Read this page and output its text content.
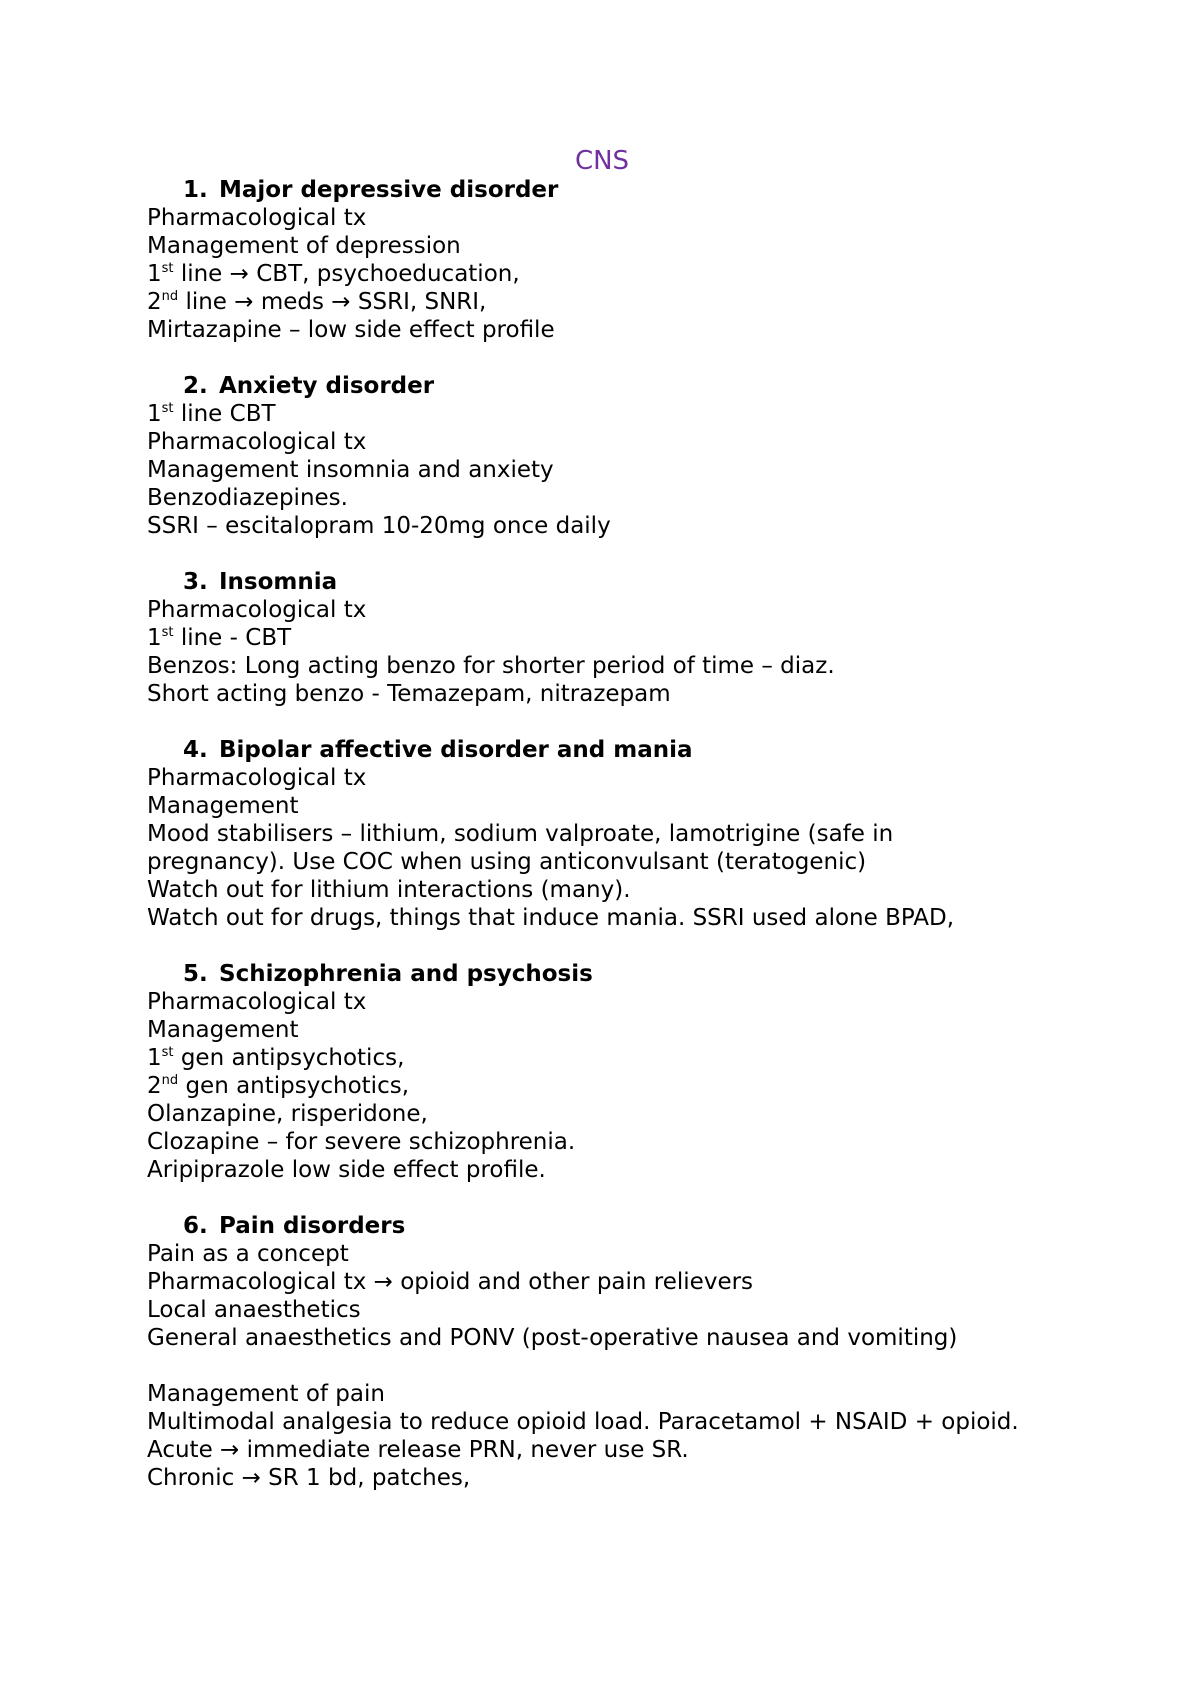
CNS
1. Major depressive disorder
Pharmacological tx
Management of depression
1st line → CBT, psychoeducation,
2nd line → meds → SSRI, SNRI,
Mirtazapine – low side effect profile
2. Anxiety disorder
1st line CBT
Pharmacological tx
Management insomnia and anxiety
Benzodiazepines.
SSRI – escitalopram 10-20mg once daily
3. Insomnia
Pharmacological tx
1st line - CBT
Benzos: Long acting benzo for shorter period of time – diaz.
Short acting benzo - Temazepam, nitrazepam
4. Bipolar affective disorder and mania
Pharmacological tx
Management
Mood stabilisers – lithium, sodium valproate, lamotrigine (safe in pregnancy). Use COC when using anticonvulsant (teratogenic)
Watch out for lithium interactions (many).
Watch out for drugs, things that induce mania. SSRI used alone BPAD,
5. Schizophrenia and psychosis
Pharmacological tx
Management
1st gen antipsychotics,
2nd gen antipsychotics,
Olanzapine, risperidone,
Clozapine – for severe schizophrenia.
Aripiprazole low side effect profile.
6. Pain disorders
Pain as a concept
Pharmacological tx → opioid and other pain relievers
Local anaesthetics
General anaesthetics and PONV (post-operative nausea and vomiting)
Management of pain
Multimodal analgesia to reduce opioid load. Paracetamol + NSAID + opioid.
Acute → immediate release PRN, never use SR.
Chronic → SR 1 bd, patches,
